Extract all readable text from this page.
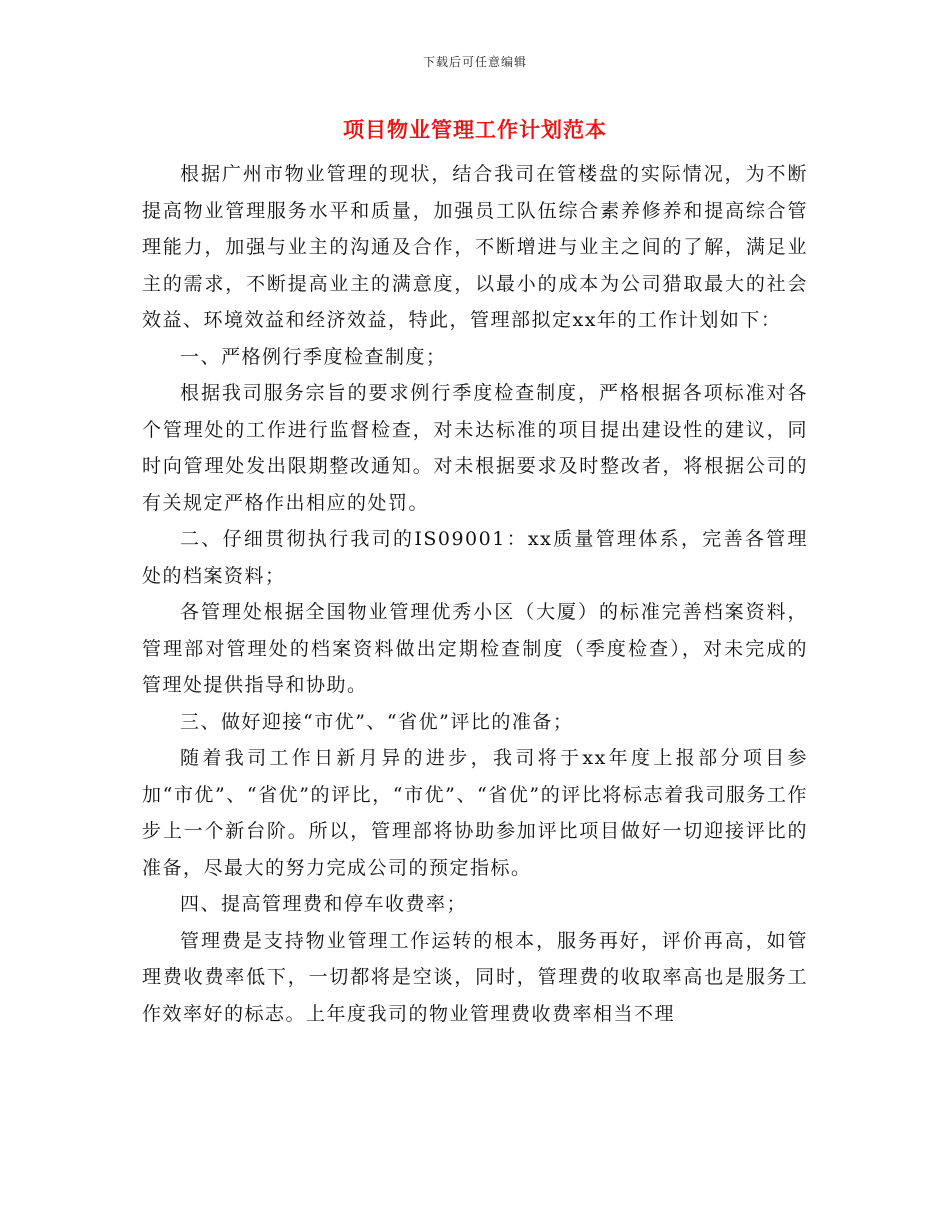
下载后可任意编辑
项目物业管理工作计划范本

根据广州市物业管理的现状，结合我司在管楼盘的实际情况，为不断提高物业管理服务水平和质量，加强员工队伍综合素养修养和提高综合管理能力，加强与业主的沟通及合作，不断增进与业主之间的了解，满足业主的需求，不断提高业主的满意度，以最小的成本为公司猎取最大的社会效益、环境效益和经济效益，特此，管理部拟定xx年的工作计划如下：

一、严格例行季度检查制度；

根据我司服务宗旨的要求例行季度检查制度，严格根据各项标准对各个管理处的工作进行监督检查，对未达标准的项目提出建设性的建议，同时向管理处发出限期整改通知。对未根据要求及时整改者，将根据公司的有关规定严格作出相应的处罚。

二、仔细贯彻执行我司的IS09001：xx质量管理体系，完善各管理处的档案资料；

各管理处根据全国物业管理优秀小区（大厦）的标准完善档案资料，管理部对管理处的档案资料做出定期检查制度（季度检查），对未完成的管理处提供指导和协助。

三、做好迎接“市优”、“省优”评比的准备；

随着我司工作日新月异的进步，我司将于xx年度上报部分项目参加“市优”、“省优”的评比，“市优”、“省优”的评比将标志着我司服务工作步上一个新台阶。所以，管理部将协助参加评比项目做好一切迎接评比的准备，尽最大的努力完成公司的预定指标。

四、提高管理费和停车收费率；

管理费是支持物业管理工作运转的根本，服务再好，评价再高，如管理费收费率低下，一切都将是空谈，同时，管理费的收取率高也是服务工作效率好的标志。上年度我司的物业管理费收费率相当不理
